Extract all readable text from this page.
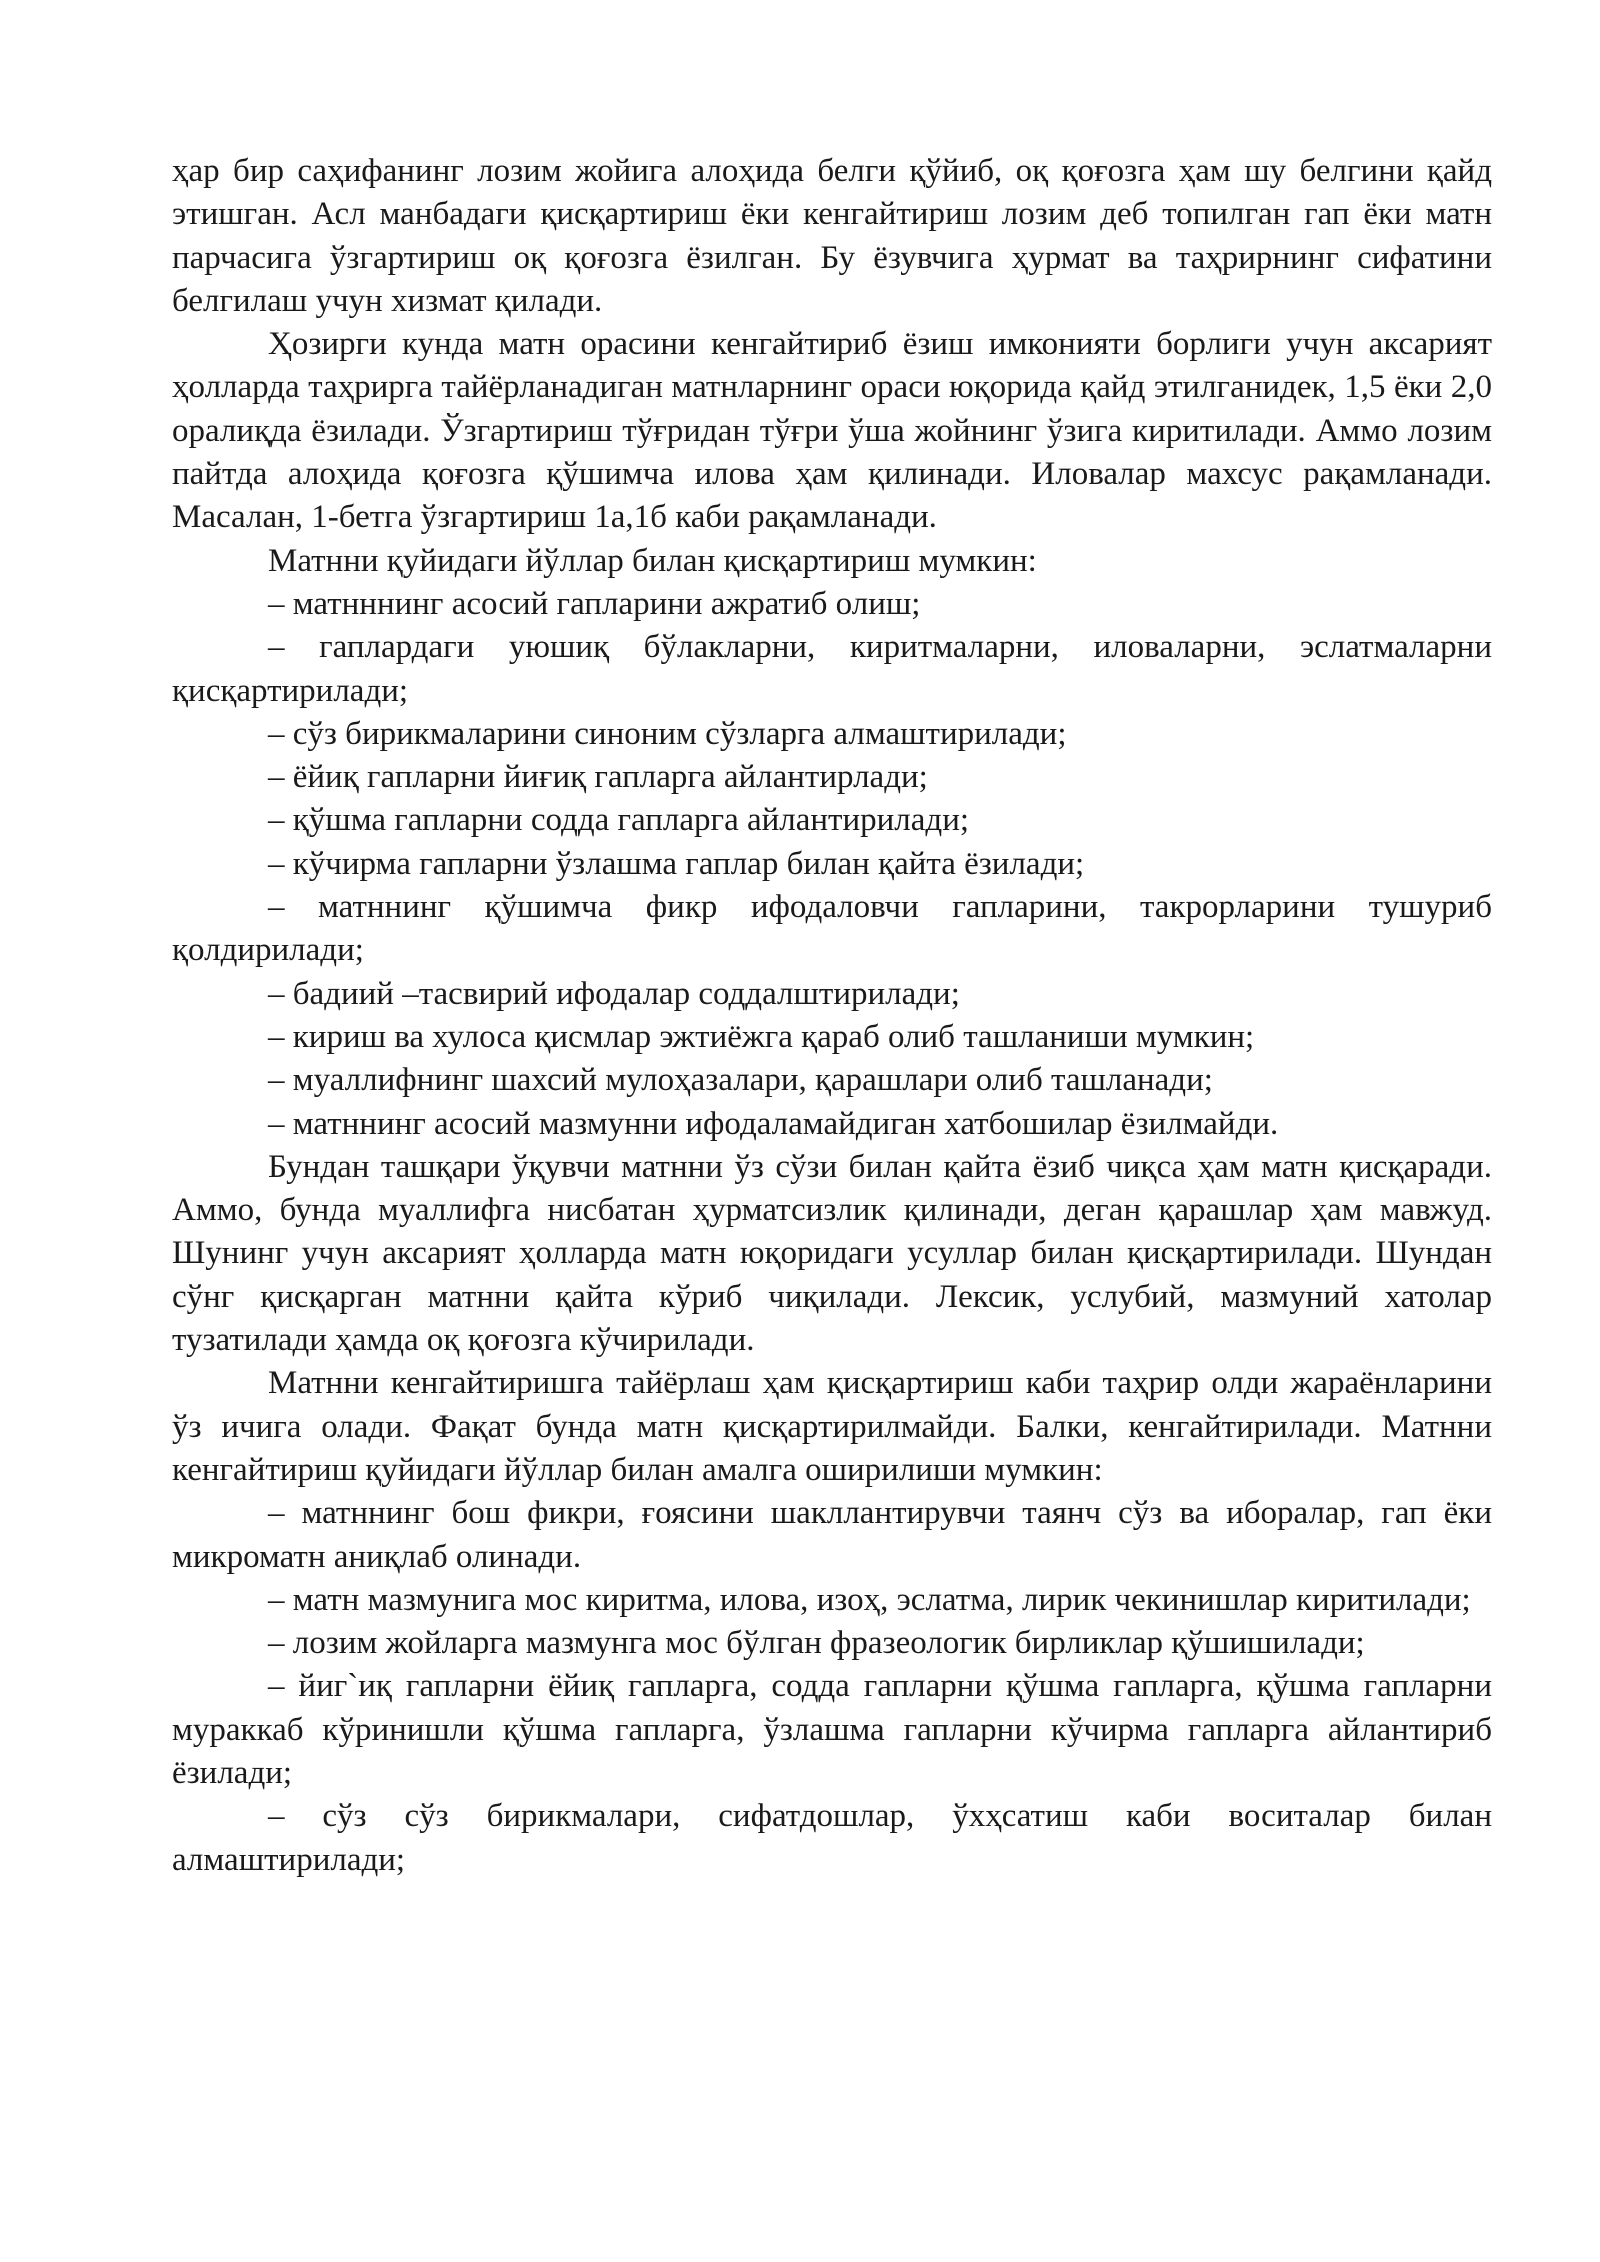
ҳар бир саҳифанинг лозим жойига алоҳида белги қўйиб, оқ қоғозга ҳам шу белгини қайд этишган. Асл манбадаги қисқартириш ёки кенгайтириш лозим деб топилган гап ёки матн парчасига ўзгартириш оқ қоғозга ёзилган. Бу ёзувчига ҳурмат ва таҳрирнинг сифатини белгилаш учун хизмат қилади.

Ҳозирги кунда матн орасини кенгайтириб ёзиш имконияти борлиги учун аксарият ҳолларда таҳрирга тайёрланадиган матнларнинг ораси юқорида қайд этилганидек, 1,5 ёки 2,0 оралиқда ёзилади. Ўзгартириш тўғридан тўғри ўша жойнинг ўзига киритилади. Аммо лозим пайтда алоҳида қоғозга қўшимча илова ҳам қилинади. Иловалар махсус рақамланади. Масалан, 1-бетга ўзгартириш 1а,1б каби рақамланади.

Матнни қуйидаги йўллар билан қисқартириш мумкин:

– матнннинг асосий гапларини ажратиб олиш;

– гаплардаги уюшиқ бўлакларни, киритмаларни, иловаларни, эслатмаларни қисқартирилади;

– сўз бирикмаларини синоним сўзларга алмаштирилади;

– ёйиқ гапларни йиғиқ гапларга айлантирлади;

– қўшма гапларни содда гапларга айлантирилади;

– кўчирма гапларни ўзлашма гаплар билан қайта ёзилади;

– матннинг қўшимча фикр ифодаловчи гапларини, такрорларини тушуриб қолдирилади;

– бадиий –тасвирий ифодалар соддалштирилади;

– кириш ва хулоса қисмлар эжтиёжга қараб олиб ташланиши мумкин;

– муаллифнинг шахсий мулоҳазалари, қарашлари олиб ташланади;

– матннинг асосий мазмунни ифодаламайдиган хатбошилар ёзилмайди.

Бундан ташқари ўқувчи матнни ўз сўзи билан қайта ёзиб чиқса ҳам матн қисқаради. Аммо, бунда муаллифга нисбатан ҳурматсизлик қилинади, деган қарашлар ҳам мавжуд. Шунинг учун аксарият ҳолларда матн юқоридаги усуллар билан қисқартирилади. Шундан сўнг қисқарган матнни қайта кўриб чиқилади. Лексик, услубий, мазмуний хатолар тузатилади ҳамда оқ қоғозга кўчирилади.

Матнни кенгайтиришга тайёрлаш ҳам қисқартириш каби таҳрир олди жараёнларини ўз ичига олади. Фақат бунда матн қисқартирилмайди. Балки, кенгайтирилади. Матнни кенгайтириш қуйидаги йўллар билан амалга оширилиши мумкин:

– матннинг бош фикри, ғоясини шакллантирувчи таянч сўз ва иборалар, гап ёки микроматн аниқлаб олинади.

– матн мазмунига мос киритма, илова, изоҳ, эслатма, лирик чекинишлар киритилади;

– лозим жойларга мазмунга мос бўлган фразеологик бирликлар қўшишилади;

– йиг`иқ гапларни ёйиқ гапларга, содда гапларни қўшма гапларга, қўшма гапларни мураккаб кўринишли қўшма гапларга, ўзлашма гапларни кўчирма гапларга айлантириб ёзилади;

– сўз сўз бирикмалари, сифатдошлар, ўхҳсатиш каби воситалар билан алмаштирилади;
